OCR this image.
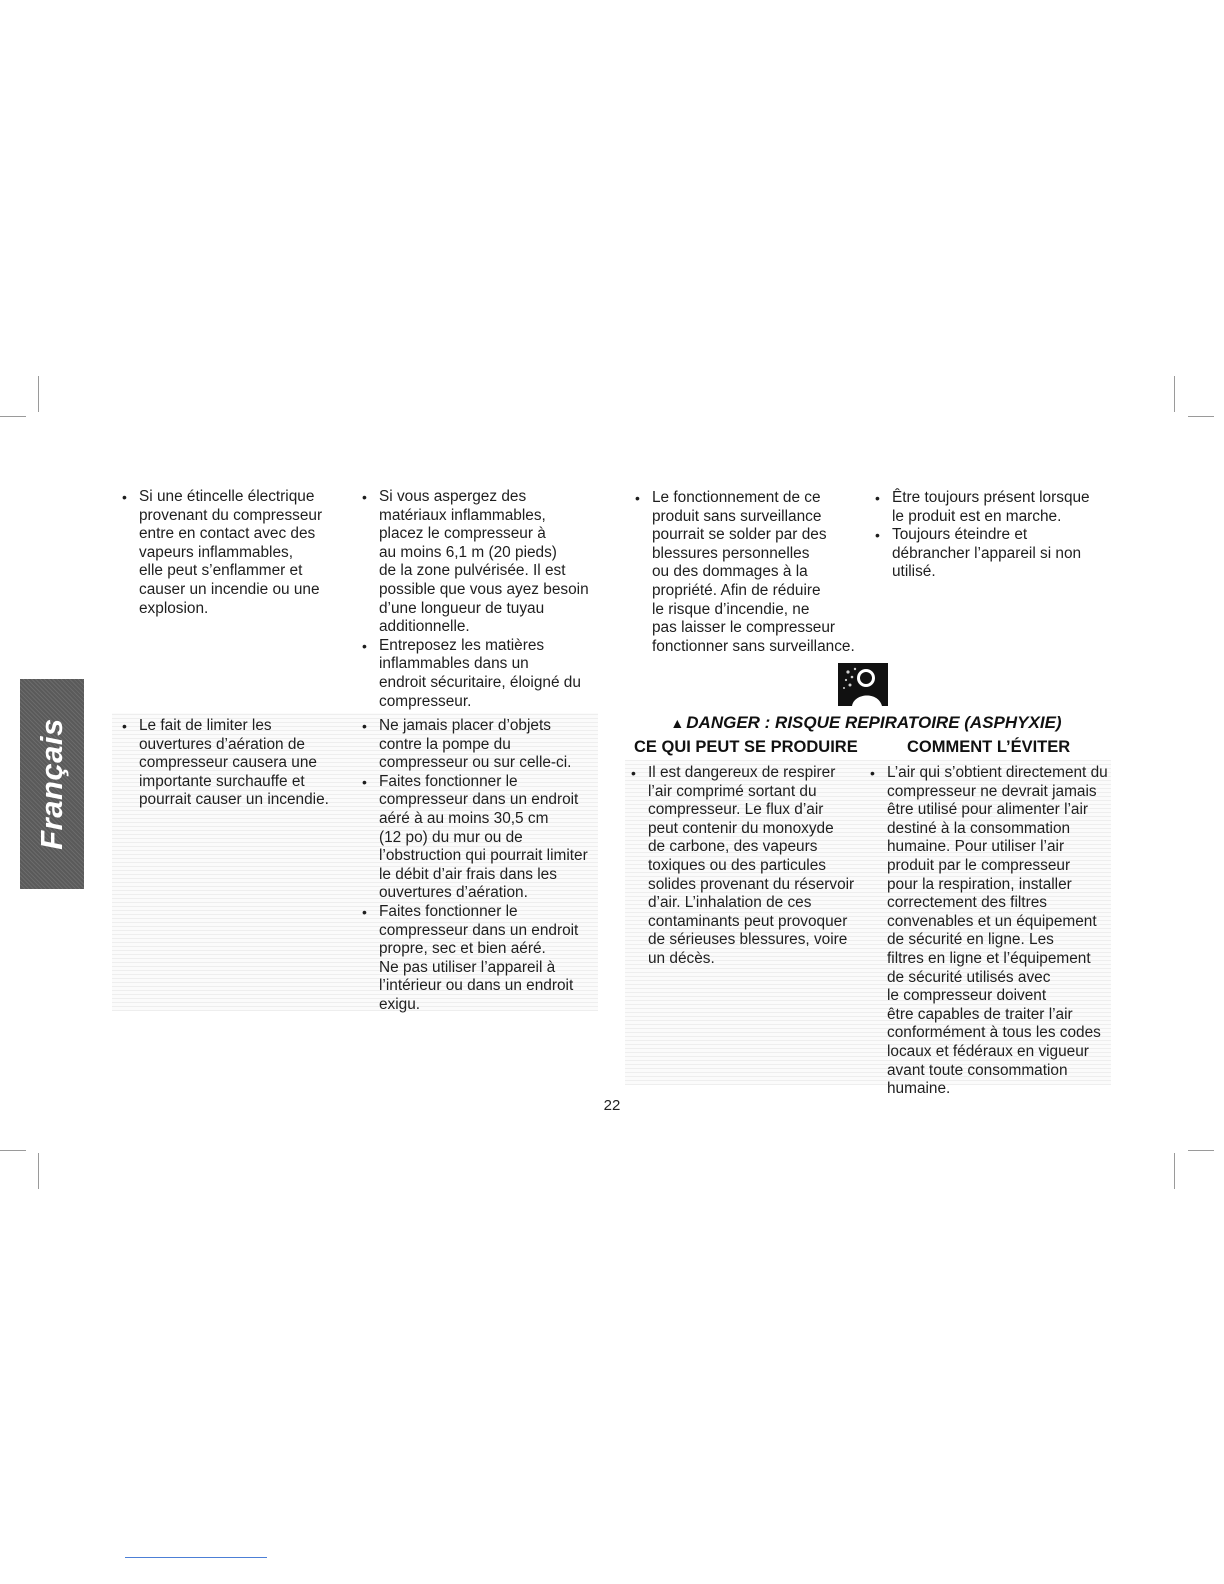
Français
• Si une étincelle électrique
provenant du compresseur
entre en contact avec des
vapeurs inflammables,
elle peut s’enflammer et
causer un incendie ou une
explosion.
• Si vous aspergez des
matériaux inflammables,
placez le compresseur à
au moins 6,1 m (20 pieds)
de la zone pulvérisée. Il est
possible que vous ayez besoin
d’une longueur de tuyau
additionnelle.
• Entreposez les matières
inflammables dans un
endroit sécuritaire, éloigné du
compresseur.
• Le fait de limiter les
ouvertures d’aération de
compresseur causera une
importante surchauffe et
pourrait causer un incendie.
• Ne jamais placer d’objets
contre la pompe du
compresseur ou sur celle-ci.
• Faites fonctionner le
compresseur dans un endroit
aéré à au moins 30,5 cm
(12 po) du mur ou de
l’obstruction qui pourrait limiter
le débit d’air frais dans les
ouvertures d’aération.
• Faites fonctionner le
compresseur dans un endroit
propre, sec et bien aéré.
Ne pas utiliser l’appareil à
l’intérieur ou dans un endroit
exigu.
• Le fonctionnement de ce
produit sans surveillance
pourrait se solder par des
blessures personnelles
ou des dommages à la
propriété. Afin de réduire
le risque d’incendie, ne
pas laisser le compresseur
fonctionner sans surveillance.
• Être toujours présent lorsque
le produit est en marche.
• Toujours éteindre et
débrancher l’appareil si non
utilisé.
▲ DANGER : RISQUE REPIRATOIRE (ASPHYXIE)
CE QUI PEUT SE PRODUIRE	COMMENT L’ÉVITER
• Il est dangereux de respirer
l’air comprimé sortant du
compresseur. Le flux d’air
peut contenir du monoxyde
de carbone, des vapeurs
toxiques ou des particules
solides provenant du réservoir
d’air. L’inhalation de ces
contaminants peut provoquer
de sérieuses blessures, voire
un décès.
• L’air qui s’obtient directement du
compresseur ne devrait jamais
être utilisé pour alimenter l’air
destiné à la consommation
humaine. Pour utiliser l’air
produit par le compresseur
pour la respiration, installer
correctement des filtres
convenables et un équipement
de sécurité en ligne. Les
filtres en ligne et l’équipement
de sécurité utilisés avec
le compresseur doivent
être capables de traiter l’air
conformément à tous les codes
locaux et fédéraux en vigueur
avant toute consommation
humaine.
22
